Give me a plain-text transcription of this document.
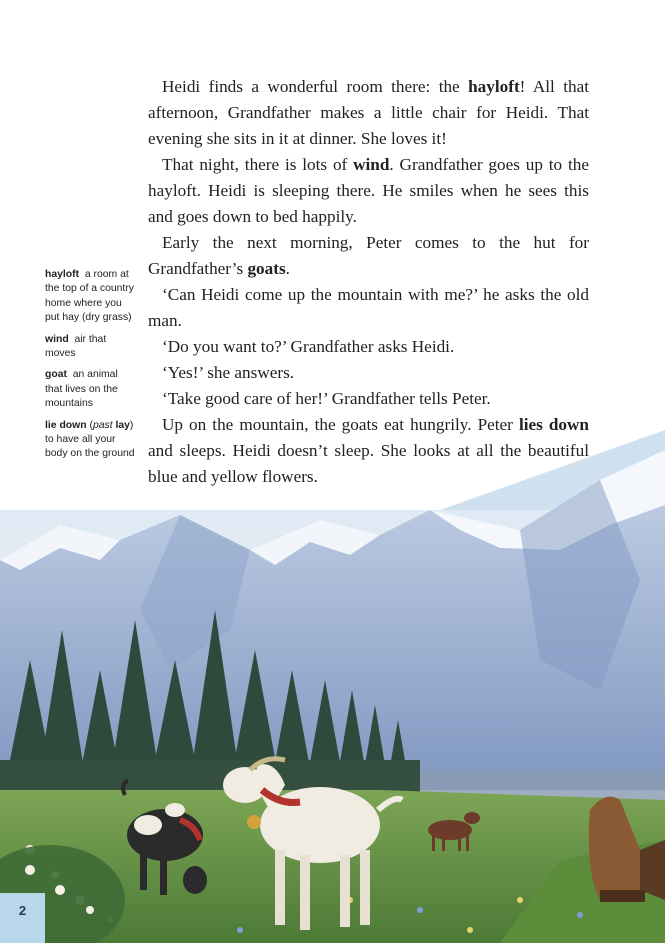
Heidi finds a wonderful room there: the hayloft! All that afternoon, Grandfather makes a little chair for Heidi. That evening she sits in it at dinner. She loves it!

That night, there is lots of wind. Grandfather goes up to the hayloft. Heidi is sleeping there. He smiles when he sees this and goes down to bed happily.

Early the next morning, Peter comes to the hut for Grandfather’s goats.

‘Can Heidi come up the mountain with me?’ he asks the old man.

‘Do you want to?’ Grandfather asks Heidi.

‘Yes!’ she answers.

‘Take good care of her!’ Grandfather tells Peter.

Up on the mountain, the goats eat hungrily. Peter lies down and sleeps. Heidi doesn’t sleep. She looks at all the beautiful blue and yellow flowers.

hayloft a room at the top of a country home where you put hay (dry grass)
wind air that moves
goat an animal that lives on the mountains
lie down (past lay)  to have all your body on the ground
2
